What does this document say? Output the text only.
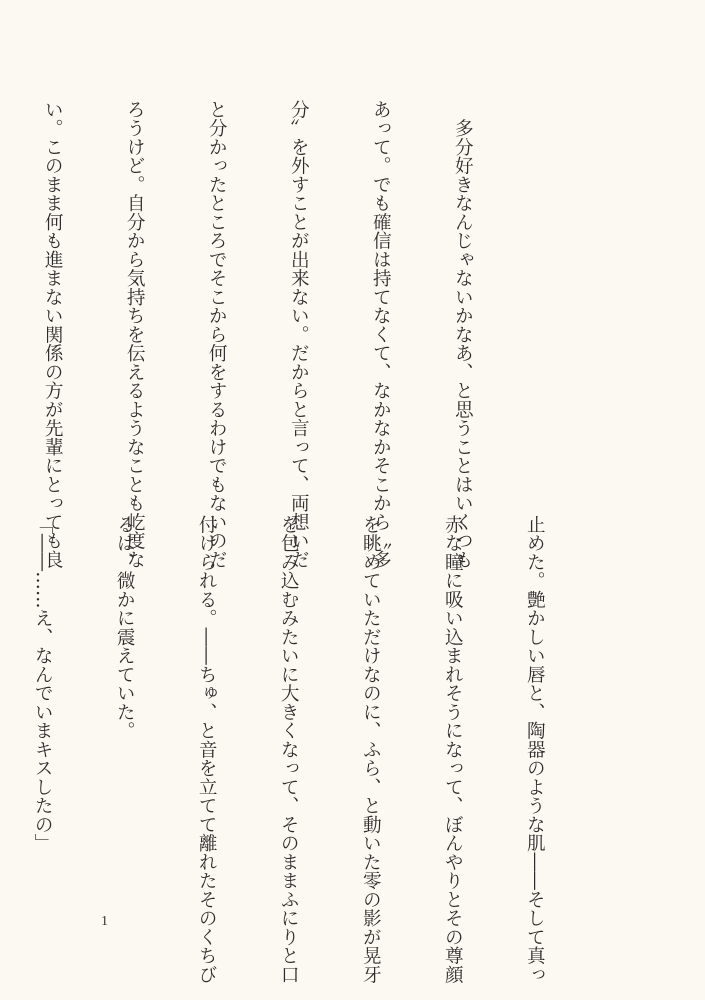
　多分好きなんじゃないかなあ、と思うことはいくつも

あって。でも確信は持てなくて、なかなかそこから〝多

分〟を外すことが出来ない。だからと言って、両想いだ

と分かったところでそこから何をするわけでもないのだ

ろうけど。自分から気持ちを伝えるようなことも屹度な

い。このまま何も進まない関係の方が先輩にとっても良

止めた。艶かしい唇と、陶器のような肌――そして真っ

赤な瞳に吸い込まれそうになって、ぼんやりとその尊顔

を眺めていただけなのに、ふら、と動いた零の影が晃牙

を包み込むみたいに大きくなって、そのままふにりと口

付けられる。――ちゅ、と音を立てて離れたそのくちび

るは、微かに震えていた。

「――……え、なんでいまキスしたの」

1
